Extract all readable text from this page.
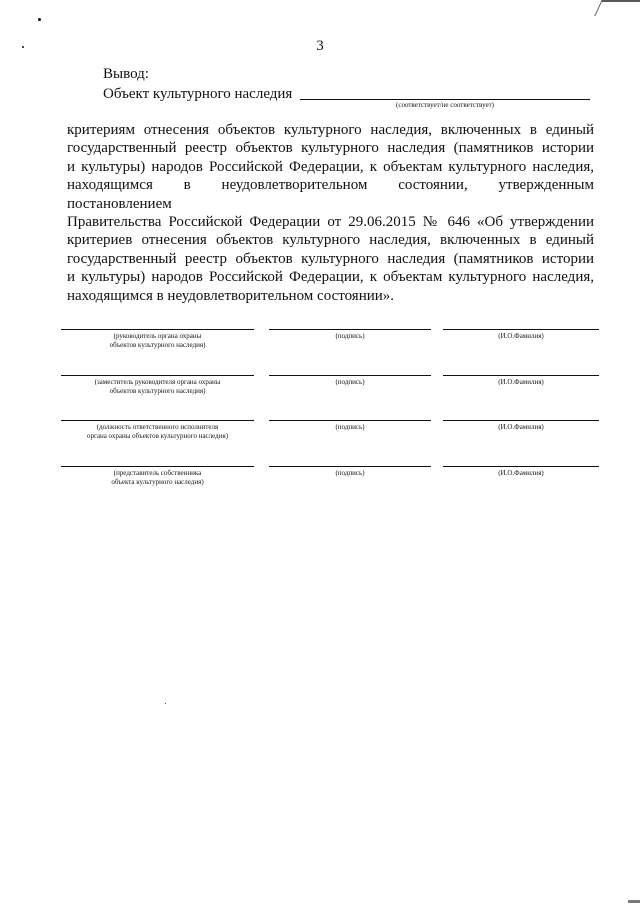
3
Вывод:
Объект культурного наследия
(соответствует/не соответствует)
критериям отнесения объектов культурного наследия, включенных в единый
государственный реестр объектов культурного наследия (памятников истории
и культуры) народов Российской Федерации, к объектам культурного наследия,
находящимся в неудовлетворительном состоянии, утвержденным постановлением
Правительства Российской Федерации от 29.06.2015 № 646 «Об утверждении
критериев отнесения объектов культурного наследия, включенных в единый
государственный реестр объектов культурного наследия (памятников истории
и культуры) народов Российской Федерации, к объектам культурного наследия,
находящимся в неудовлетворительном состоянии».
(руководитель органа охраны
объектов культурного наследия)
(подпись)	(И.О.Фамилия)
(заместитель руководителя органа охраны
объектов культурного наследия)
(подпись)	(И.О.Фамилия)
(должность ответственного исполнителя
органа охраны объектов культурного наследия)
(подпись)	(И.О.Фамилия)
(представитель собственника
объекта культурного наследия)
(подпись)	(И.О.Фамилия)
